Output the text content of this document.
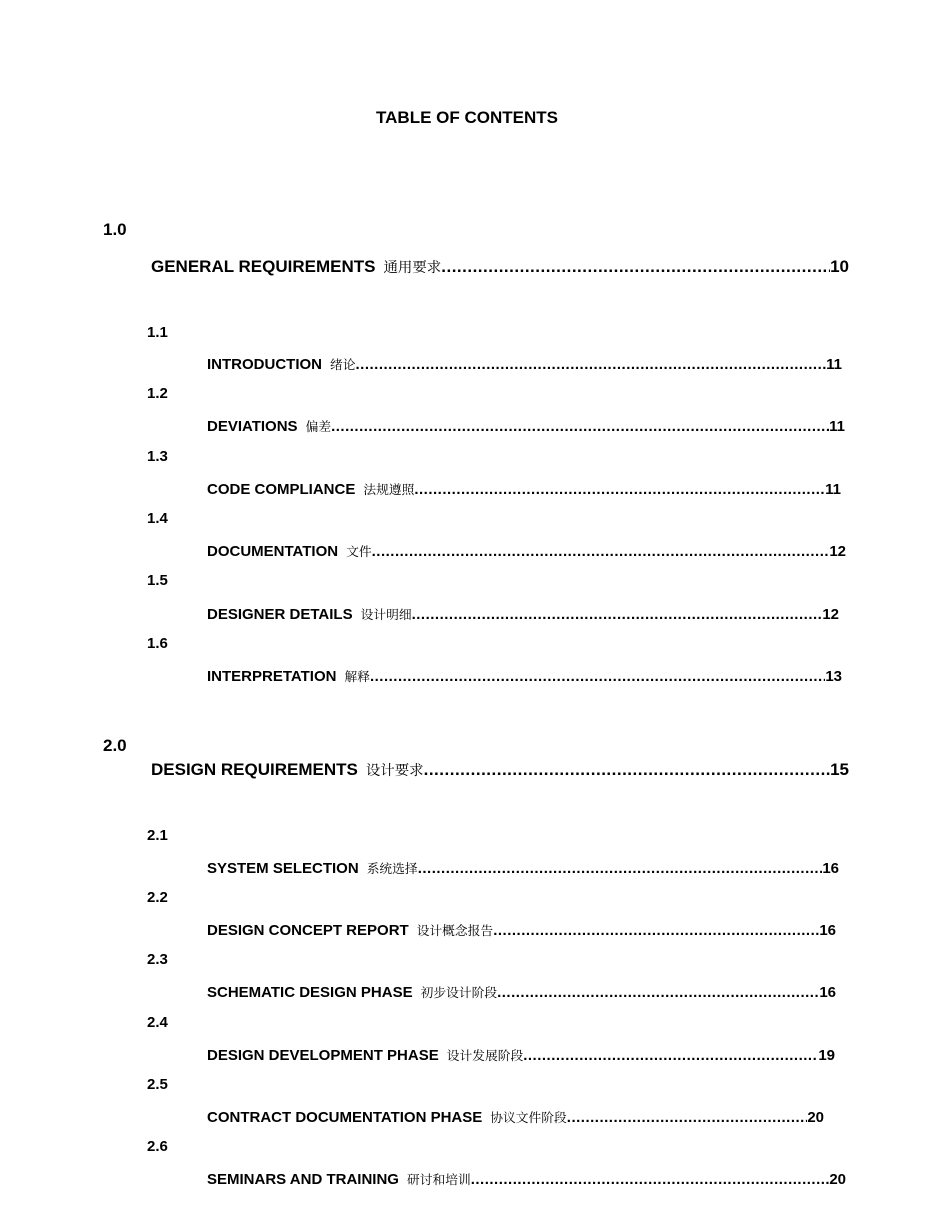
TABLE OF CONTENTS
1.0
GENERAL REQUIREMENTS 通用要求 .....	10
1.1
INTRODUCTION 绪论 .....	11
1.2
DEVIATIONS 偏差 .....	11
1.3
CODE COMPLIANCE 法规遵照 .....	11
1.4
DOCUMENTATION 文件 .....	12
1.5
DESIGNER DETAILS 设计明细 .....	12
1.6
INTERPRETATION 解释 .....	13
2.0
DESIGN REQUIREMENTS 设计要求 .....	15
2.1
SYSTEM SELECTION 系统选择 .....	16
2.2
DESIGN CONCEPT REPORT 设计概念报告 .....	16
2.3
SCHEMATIC DESIGN PHASE 初步设计阶段 .....	16
2.4
DESIGN DEVELOPMENT PHASE 设计发展阶段 .....	19
2.5
CONTRACT DOCUMENTATION PHASE 协议文件阶段 .....	20
2.6
SEMINARS AND TRAINING 研讨和培训 .....	20
